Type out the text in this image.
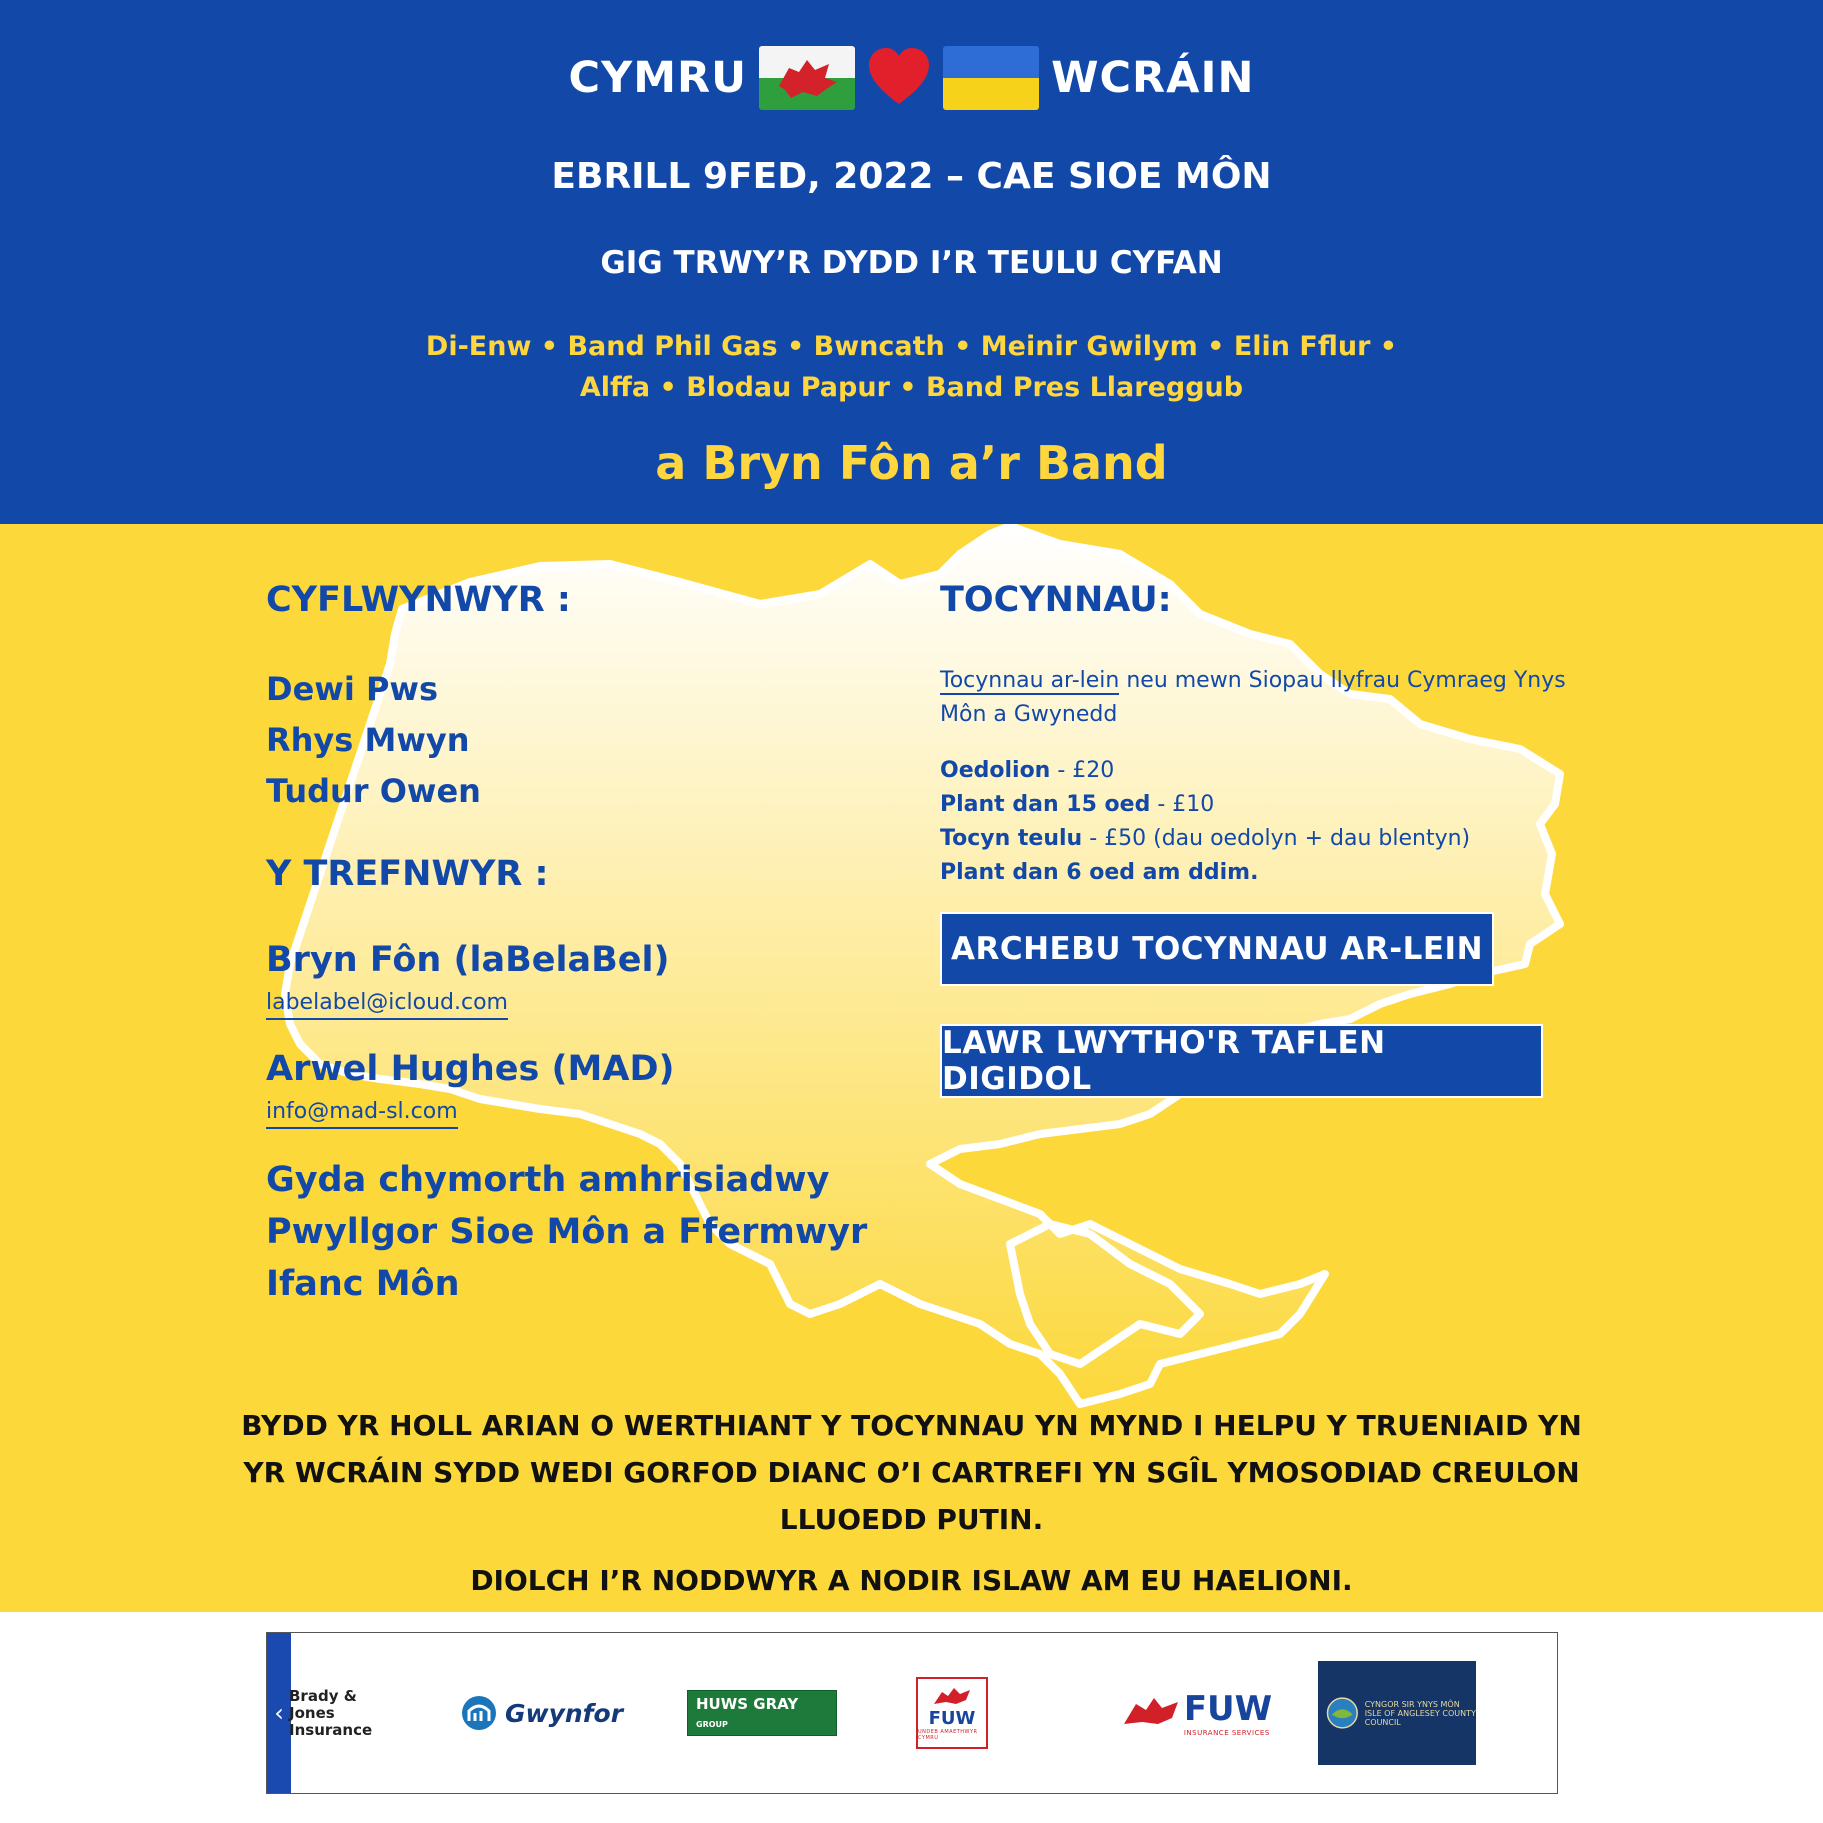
CYMRU	WCRÁIN
EBRILL 9FED, 2022 – CAE SIOE MÔN
GIG TRWY’R DYDD I’R TEULU CYFAN
Di-Enw • Band Phil Gas • Bwncath • Meinir Gwilym • Elin Fflur •
Alffa • Blodau Papur • Band Pres Llareggub
a Bryn Fôn a’r Band
CYFLWYNWYR :
Dewi Pws
Rhys Mwyn
Tudur Owen
Y TREFNWYR :
Bryn Fôn (laBelaBel)
labelabel@icloud.com
Arwel Hughes (MAD)
info@mad-sl.com
Gyda chymorth amhrisiadwy
Pwyllgor Sioe Môn a Ffermwyr
Ifanc Môn
TOCYNNAU:
Tocynnau ar-lein neu mewn Siopau llyfrau Cymraeg Ynys Môn a Gwynedd
Oedolion - £20
Plant dan 15 oed - £10
Tocyn teulu - £50 (dau oedolyn + dau blentyn)
Plant dan 6 oed am ddim.
ARCHEBU TOCYNNAU AR-LEIN
LAWR LWYTHO'R TAFLEN DIGIDOL
BYDD YR HOLL ARIAN O WERTHIANT Y TOCYNNAU YN MYND I HELPU Y TRUENIAID YN YR WCRÁIN SYDD WEDI GORFOD DIANC O’I CARTREFI YN SGÎL YMOSODIAD CREULON LLUOEDD PUTIN.
DIOLCH I’R NODDWYR A NODIR ISLAW AM EU HAELIONI.
‹
Brady & Jones
Insurance
Gwynfor	HUWS GRAY GROUP	FUW
UNDEB AMAETHWYR CYMRU
FUW
INSURANCE SERVICES
CYNGOR SIR YNYS MÔN
ISLE OF ANGLESEY COUNTY COUNCIL
